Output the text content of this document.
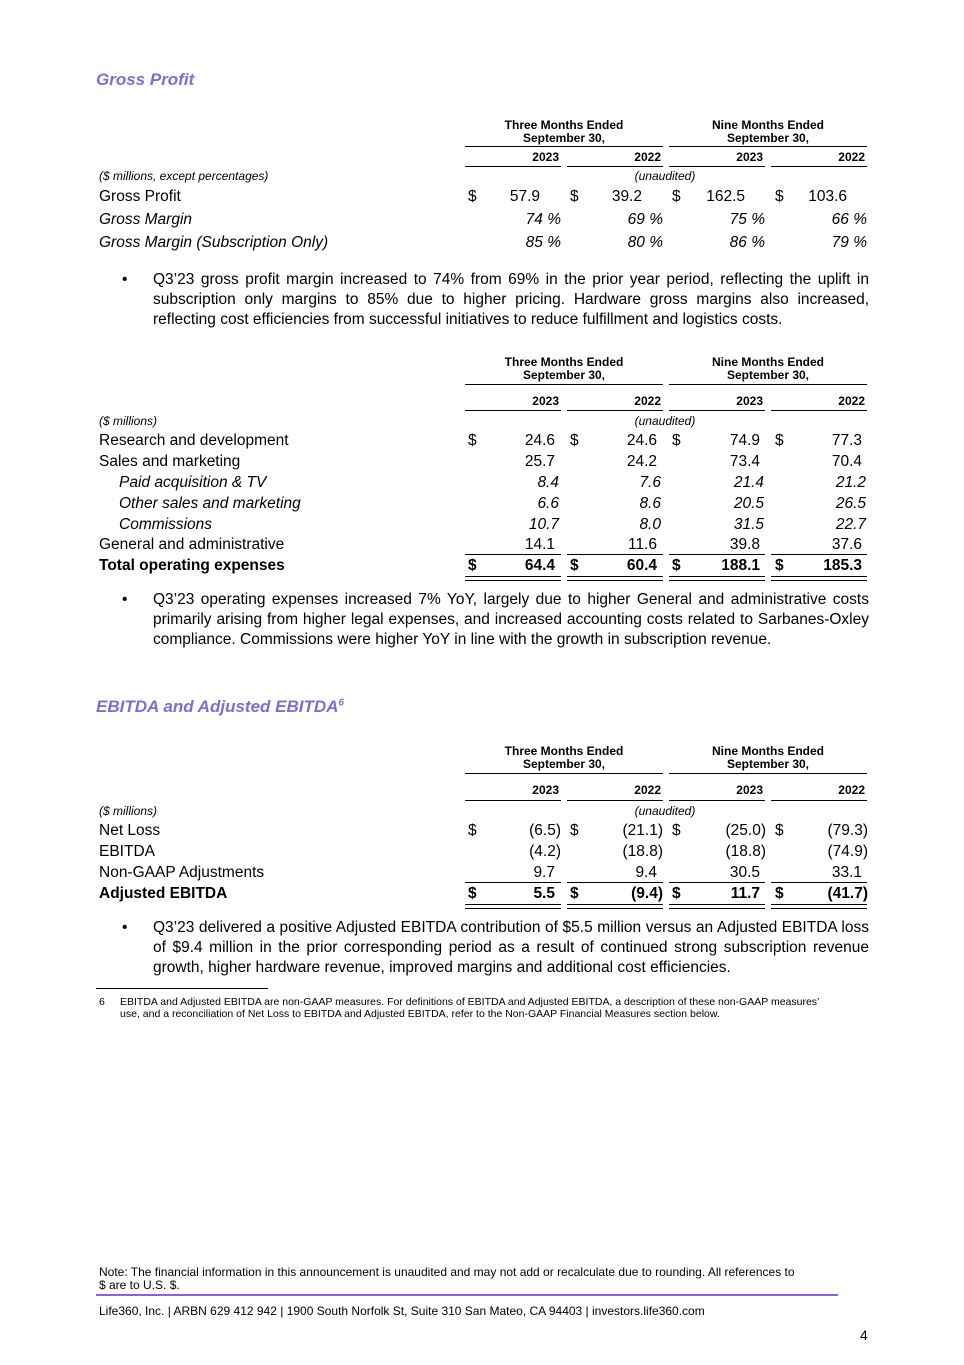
Gross Profit
Three Months Ended
September 30,
Nine Months Ended
September 30,
2023	2022	2023	2022
($ millions, except percentages)	(unaudited)
Gross Profit	$	57.9 $	39.2 $	162.5 $	103.6
Gross Margin	74 %	69 %	75 %	66 %
Gross Margin (Subscription Only)	85 %	80 %	86 %	79 %
• Q3’23 gross profit margin increased to 74% from 69% in the prior year period, reflecting the uplift in subscription only margins to 85% due to higher pricing. Hardware gross margins also increased, reflecting cost efficiencies from successful initiatives to reduce fulfillment and logistics costs.
Three Months Ended
September 30,
Nine Months Ended
September 30,
2023	2022	2023	2022
($ millions)	(unaudited)
Research and development	$	24.6 $	24.6 $	74.9 $	77.3
Sales and marketing	25.7	24.2	73.4	70.4
Paid acquisition & TV	8.4	7.6	21.4	21.2
Other sales and marketing	6.6	8.6	20.5	26.5
Commissions	10.7	8.0	31.5	22.7
General and administrative	14.1	11.6	39.8	37.6
Total operating expenses	$	64.4 $	60.4 $	188.1 $	185.3
• Q3’23 operating expenses increased 7% YoY, largely due to higher General and administrative costs primarily arising from higher legal expenses, and increased accounting costs related to Sarbanes-Oxley compliance. Commissions were higher YoY in line with the growth in subscription revenue.
EBITDA and Adjusted EBITDA$^6$
Three Months Ended
September 30,
Nine Months Ended
September 30,
2023	2022	2023	2022
($ millions)	(unaudited)
Net Loss	$	(6.5) $	(21.1) $	(25.0) $	(79.3)
EBITDA	(4.2)	(18.8)	(18.8)	(74.9)
Non-GAAP Adjustments	9.7	9.4	30.5	33.1
Adjusted EBITDA	$	5.5 $	(9.4) $	11.7 $	(41.7)
• Q3’23 delivered a positive Adjusted EBITDA contribution of $5.5 million versus an Adjusted EBITDA loss of $9.4 million in the prior corresponding period as a result of continued strong subscription revenue growth, higher hardware revenue, improved margins and additional cost efficiencies.
6 EBITDA and Adjusted EBITDA are non-GAAP measures. For definitions of EBITDA and Adjusted EBITDA, a description of these non-GAAP measures’ use, and a reconciliation of Net Loss to EBITDA and Adjusted EBITDA, refer to the Non-GAAP Financial Measures section below.
Note: The financial information in this announcement is unaudited and may not add or recalculate due to rounding. All references to $ are to U.S. $.
Life360, Inc. | ARBN 629 412 942 | 1900 South Norfolk St, Suite 310 San Mateo, CA 94403 | investors.life360.com
4
